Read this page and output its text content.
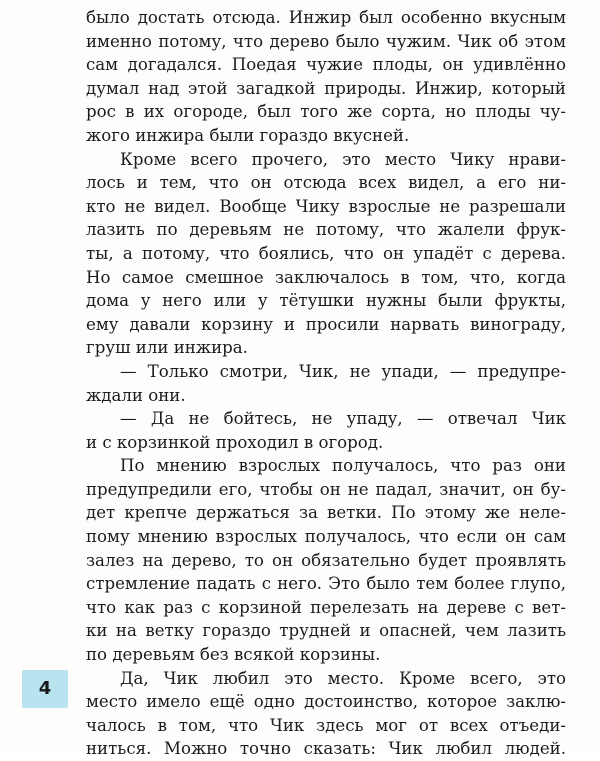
было достать отсюда. Инжир был особенно вкусным
именно потому, что дерево было чужим. Чик об этом
сам догадался. Поедая чужие плоды, он удивлённо
думал над этой загадкой природы. Инжир, который
рос в их огороде, был того же сорта, но плоды чу-
жого инжира были гораздо вкусней.
Кроме всего прочего, это место Чику нрави-
лось и тем, что он отсюда всех видел, а его ни-
кто не видел. Вообще Чику взрослые не разрешали
лазить по деревьям не потому, что жалели фрук-
ты, а потому, что боялись, что он упадёт с дерева.
Но самое смешное заключалось в том, что, когда
дома у него или у тётушки нужны были фрукты,
ему давали корзину и просили нарвать винограду,
груш или инжира.
— Только смотри, Чик, не упади, — предупре-
ждали они.
— Да не бойтесь, не упаду, — отвечал Чик
и с корзинкой проходил в огород.
По мнению взрослых получалось, что раз они
предупредили его, чтобы он не падал, значит, он бу-
дет крепче держаться за ветки. По этому же неле-
пому мнению взрослых получалось, что если он сам
залез на дерево, то он обязательно будет проявлять
стремление падать с него. Это было тем более глупо,
что как раз с корзиной перелезать на дереве с вет-
ки на ветку гораздо трудней и опасней, чем лазить
по деревьям без всякой корзины.
Да, Чик любил это место. Кроме всего, это
место имело ещё одно достоинство, которое заклю-
чалось в том, что Чик здесь мог от всех отъеди-
ниться. Можно точно сказать: Чик любил людей.
4
